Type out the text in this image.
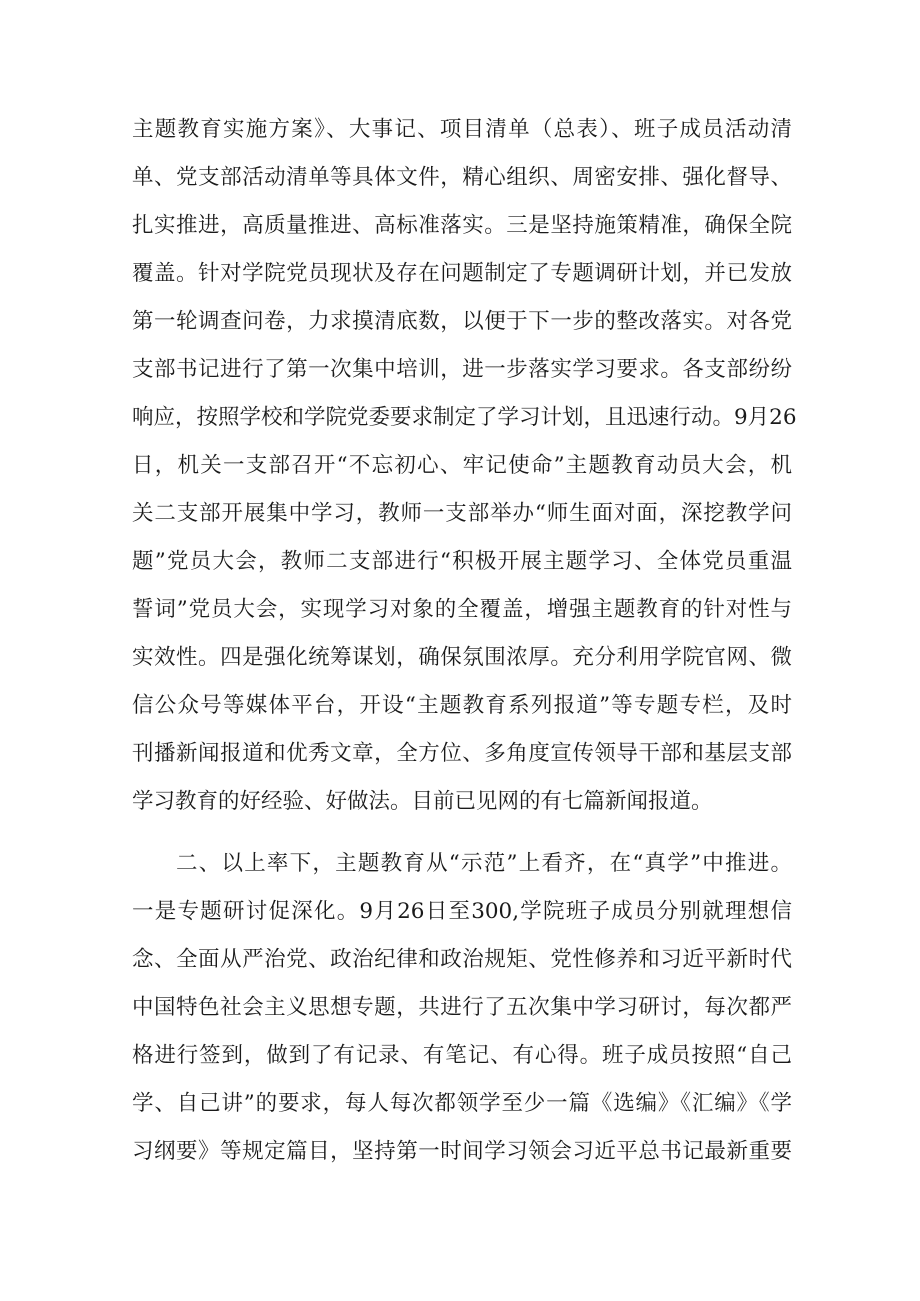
主题教育实施方案》、大事记、项目清单（总表）、班子成员活动清
单、党支部活动清单等具体文件，精心组织、周密安排、强化督导、
扎实推进，高质量推进、高标准落实。三是坚持施策精准，确保全院
覆盖。针对学院党员现状及存在问题制定了专题调研计划，并已发放
第一轮调查问卷，力求摸清底数，以便于下一步的整改落实。对各党
支部书记进行了第一次集中培训，进一步落实学习要求。各支部纷纷
响应，按照学校和学院党委要求制定了学习计划，且迅速行动。9月26
日，机关一支部召开“不忘初心、牢记使命”主题教育动员大会，机
关二支部开展集中学习，教师一支部举办“师生面对面，深挖教学问
题”党员大会，教师二支部进行“积极开展主题学习、全体党员重温
誓词”党员大会，实现学习对象的全覆盖，增强主题教育的针对性与
实效性。四是强化统筹谋划，确保氛围浓厚。充分利用学院官网、微
信公众号等媒体平台，开设“主题教育系列报道”等专题专栏，及时
刊播新闻报道和优秀文章，全方位、多角度宣传领导干部和基层支部
学习教育的好经验、好做法。目前已见网的有七篇新闻报道。
二、以上率下，主题教育从“示范”上看齐，在“真学”中推进。
一是专题研讨促深化。9月26日至300,学院班子成员分别就理想信
念、全面从严治党、政治纪律和政治规矩、党性修养和习近平新时代
中国特色社会主义思想专题，共进行了五次集中学习研讨，每次都严
格进行签到，做到了有记录、有笔记、有心得。班子成员按照“自己
学、自己讲”的要求，每人每次都领学至少一篇《选编》《汇编》《学
习纲要》等规定篇目，坚持第一时间学习领会习近平总书记最新重要
